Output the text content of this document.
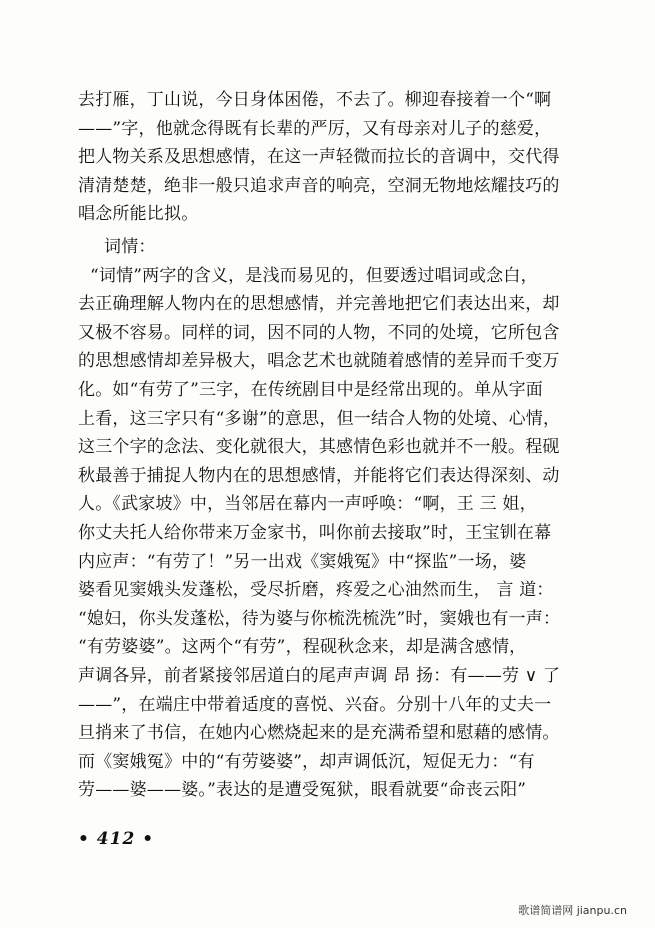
去打雁，丁山说，今日身体困倦，不去了。柳迎春接着一个“啊
——”字，他就念得既有长辈的严厉，又有母亲对儿子的慈爱，
把人物关系及思想感情，在这一声轻微而拉长的音调中，交代得
清清楚楚，绝非一般只追求声音的响亮，空洞无物地炫耀技巧的
唱念所能比拟。
词情：
“词情”两字的含义，是浅而易见的，但要透过唱词或念白，
去正确理解人物内在的思想感情，并完善地把它们表达出来，却
又极不容易。同样的词，因不同的人物，不同的处境，它所包含
的思想感情却差异极大，唱念艺术也就随着感情的差异而千变万
化。如“有劳了”三字，在传统剧目中是经常出现的。单从字面
上看，这三字只有“多谢”的意思，但一结合人物的处境、心情，
这三个字的念法、变化就很大，其感情色彩也就并不一般。程砚
秋最善于捕捉人物内在的思想感情，并能将它们表达得深刻、动
人。《武家坡》中，当邻居在幕内一声呼唤：“啊，王 三 姐，
你丈夫托人给你带来万金家书，叫你前去接取”时，王宝钏在幕
内应声：“有劳了！”另一出戏《窦娥冤》中“探监”一场，婆
婆看见窦娥头发蓬松，受尽折磨，疼爱之心油然而生， 言 道：
“媳妇，你头发蓬松，待为婆与你梳洗梳洗”时，窦娥也有一声：
“有劳婆婆”。这两个“有劳”，程砚秋念来，却是满含感情，
声调各异，前者紧接邻居道白的尾声声调 昂 扬：有——劳 ∨ 了
——”，在端庄中带着适度的喜悦、兴奋。分别十八年的丈夫一
旦捎来了书信，在她内心燃烧起来的是充满希望和慰藉的感情。
而《窦娥冤》中的“有劳婆婆”，却声调低沉，短促无力：“有
劳——婆——婆。”表达的是遭受冤狱，眼看就要“命丧云阳”
• 412 •
歌谱简谱网 jianpu.cn
